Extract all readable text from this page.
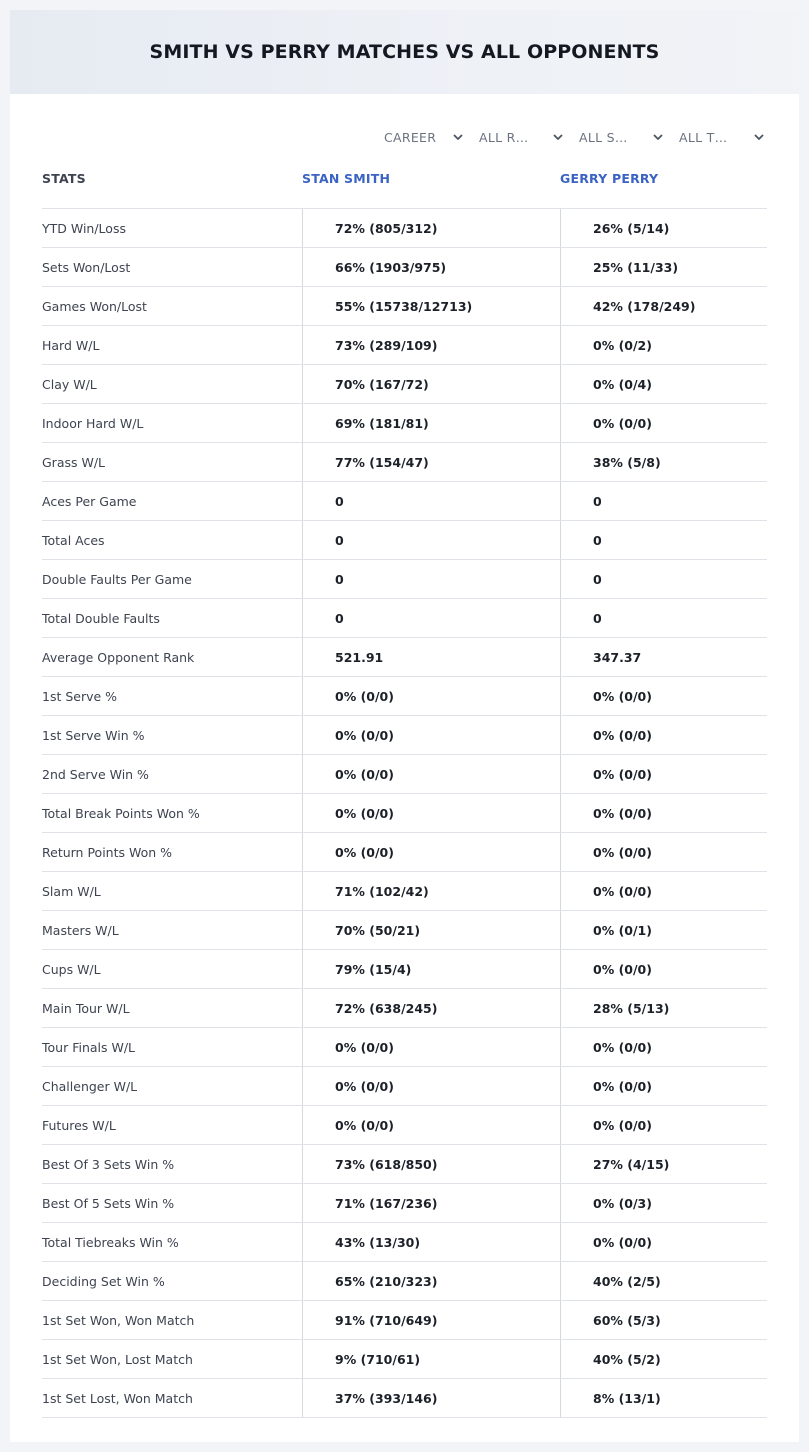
SMITH VS PERRY MATCHES VS ALL OPPONENTS
CAREER	ALL R…	ALL S…	ALL T…
STATS	STAN SMITH	GERRY PERRY
YTD Win/Loss	72% (805/312)	26% (5/14)
Sets Won/Lost	66% (1903/975)	25% (11/33)
Games Won/Lost	55% (15738/12713)	42% (178/249)
Hard W/L	73% (289/109)	0% (0/2)
Clay W/L	70% (167/72)	0% (0/4)
Indoor Hard W/L	69% (181/81)	0% (0/0)
Grass W/L	77% (154/47)	38% (5/8)
Aces Per Game	0	0
Total Aces	0	0
Double Faults Per Game	0	0
Total Double Faults	0	0
Average Opponent Rank	521.91	347.37
1st Serve %	0% (0/0)	0% (0/0)
1st Serve Win %	0% (0/0)	0% (0/0)
2nd Serve Win %	0% (0/0)	0% (0/0)
Total Break Points Won %	0% (0/0)	0% (0/0)
Return Points Won %	0% (0/0)	0% (0/0)
Slam W/L	71% (102/42)	0% (0/0)
Masters W/L	70% (50/21)	0% (0/1)
Cups W/L	79% (15/4)	0% (0/0)
Main Tour W/L	72% (638/245)	28% (5/13)
Tour Finals W/L	0% (0/0)	0% (0/0)
Challenger W/L	0% (0/0)	0% (0/0)
Futures W/L	0% (0/0)	0% (0/0)
Best Of 3 Sets Win %	73% (618/850)	27% (4/15)
Best Of 5 Sets Win %	71% (167/236)	0% (0/3)
Total Tiebreaks Win %	43% (13/30)	0% (0/0)
Deciding Set Win %	65% (210/323)	40% (2/5)
1st Set Won, Won Match	91% (710/649)	60% (5/3)
1st Set Won, Lost Match	9% (710/61)	40% (5/2)
1st Set Lost, Won Match	37% (393/146)	8% (13/1)
